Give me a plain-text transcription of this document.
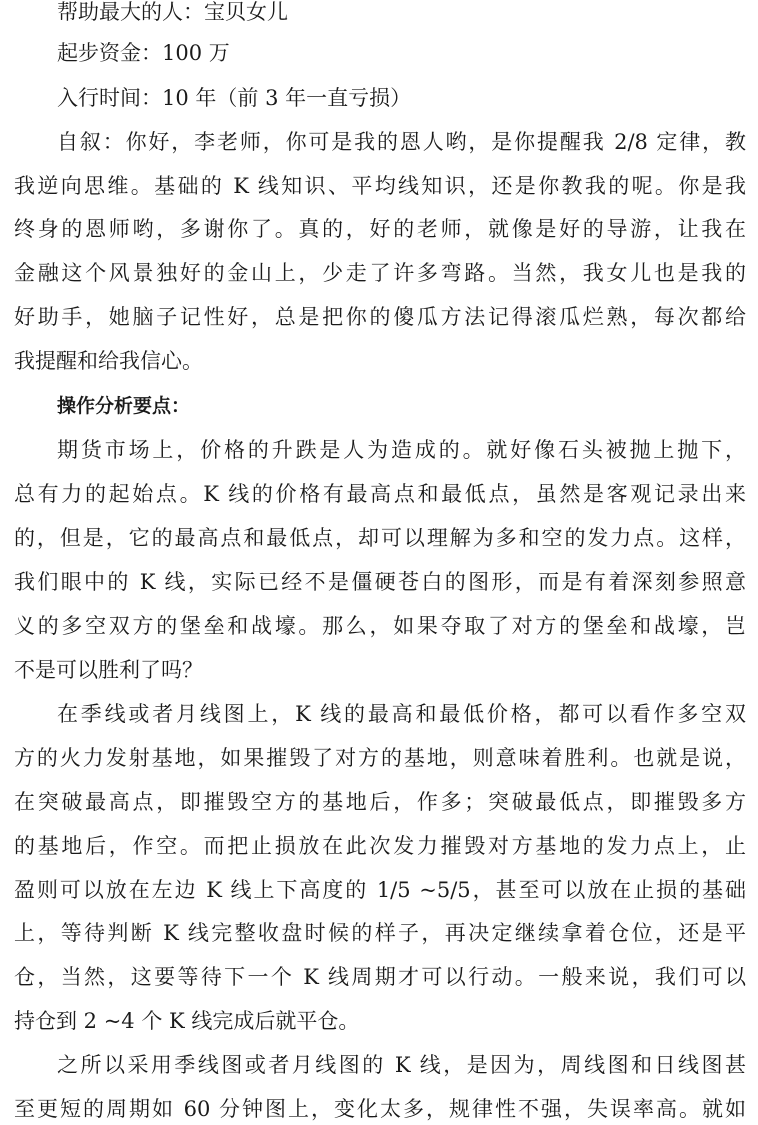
帮助最大的人：宝贝女儿
起步资金：100 万
入行时间：10 年（前 3 年一直亏损）
自叙：你好，李老师，你可是我的恩人哟，是你提醒我 2/8 定律，教
我逆向思维。基础的 K 线知识、平均线知识，还是你教我的呢。你是我
终身的恩师哟，多谢你了。真的，好的老师，就像是好的导游，让我在
金融这个风景独好的金山上，少走了许多弯路。当然，我女儿也是我的
好助手，她脑子记性好，总是把你的傻瓜方法记得滚瓜烂熟，每次都给
我提醒和给我信心。
操作分析要点：
期货市场上，价格的升跌是人为造成的。就好像石头被抛上抛下，
总有力的起始点。K 线的价格有最高点和最低点，虽然是客观记录出来
的，但是，它的最高点和最低点，却可以理解为多和空的发力点。这样，
我们眼中的 K 线，实际已经不是僵硬苍白的图形，而是有着深刻参照意
义的多空双方的堡垒和战壕。那么，如果夺取了对方的堡垒和战壕，岂
不是可以胜利了吗？
在季线或者月线图上，K 线的最高和最低价格，都可以看作多空双
方的火力发射基地，如果摧毁了对方的基地，则意味着胜利。也就是说，
在突破最高点，即摧毁空方的基地后，作多；突破最低点，即摧毁多方
的基地后，作空。而把止损放在此次发力摧毁对方基地的发力点上，止
盈则可以放在左边 K 线上下高度的 1/5 ~5/5，甚至可以放在止损的基础
上，等待判断 K 线完整收盘时候的样子，再决定继续拿着仓位，还是平
仓，当然，这要等待下一个 K 线周期才可以行动。一般来说，我们可以
持仓到 2 ~4 个 K 线完成后就平仓。
之所以采用季线图或者月线图的 K 线，是因为，周线图和日线图甚
至更短的周期如 60 分钟图上，变化太多，规律性不强，失误率高。就如
